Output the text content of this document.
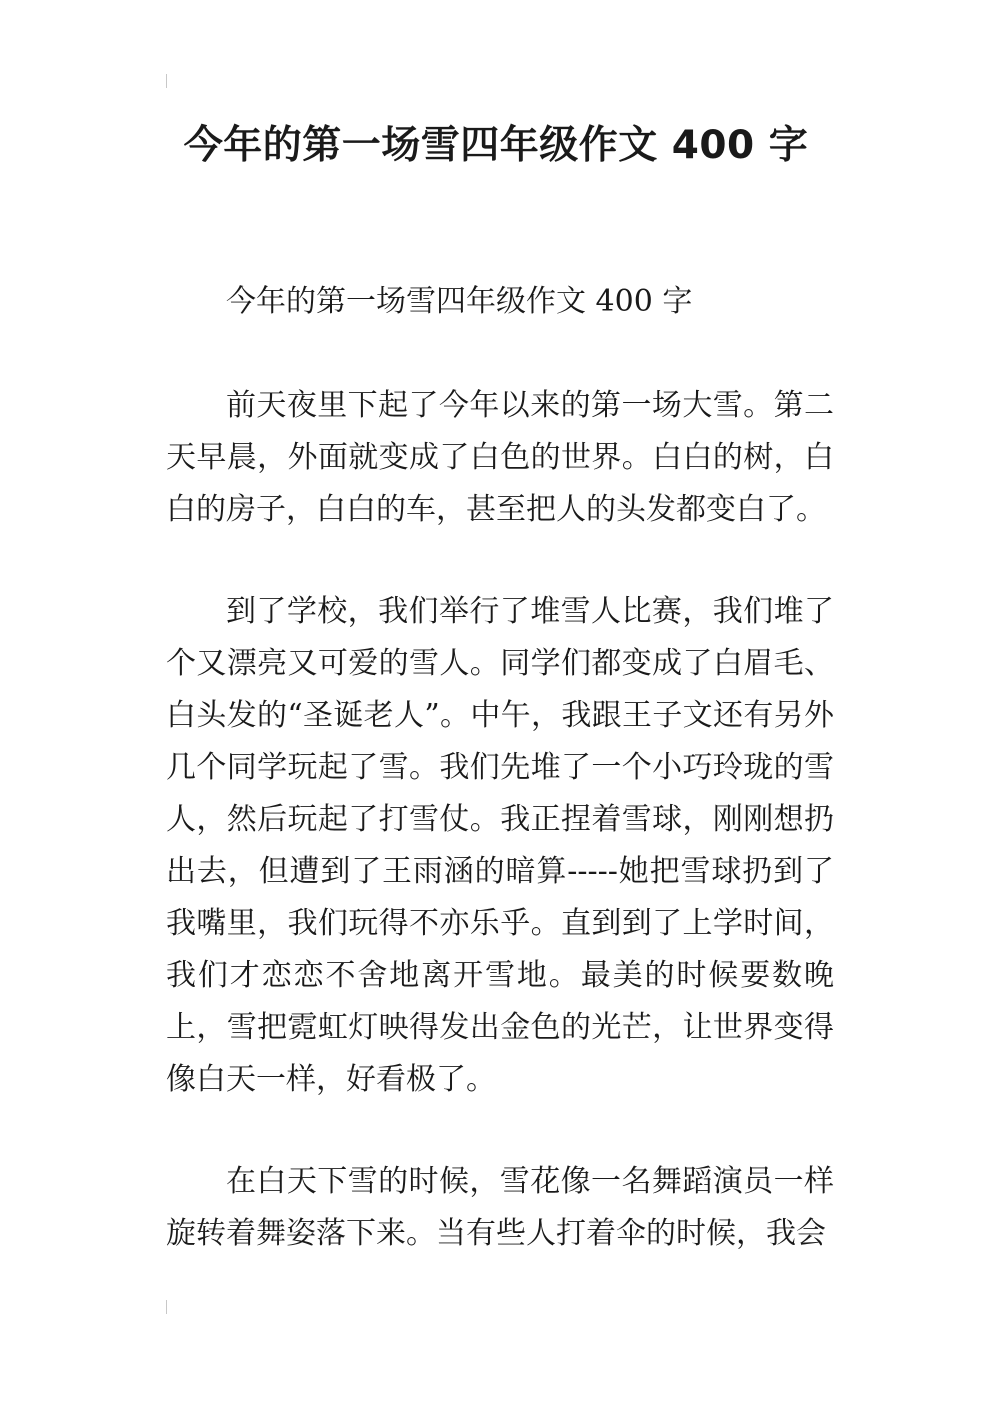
今年的第一场雪四年级作文 400 字

今年的第一场雪四年级作文 400 字

前天夜里下起了今年以来的第一场大雪。第二天早晨，外面就变成了白色的世界。白白的树，白白的房子，白白的车，甚至把人的头发都变白了。

到了学校，我们举行了堆雪人比赛，我们堆了个又漂亮又可爱的雪人。同学们都变成了白眉毛、白头发的“圣诞老人”。中午，我跟王子文还有另外几个同学玩起了雪。我们先堆了一个小巧玲珑的雪人，然后玩起了打雪仗。我正捏着雪球，刚刚想扔出去，但遭到了王雨涵的暗算-----她把雪球扔到了我嘴里，我们玩得不亦乐乎。直到到了上学时间，我们才恋恋不舍地离开雪地。最美的时候要数晚上，雪把霓虹灯映得发出金色的光芒，让世界变得像白天一样，好看极了。

在白天下雪的时候，雪花像一名舞蹈演员一样旋转着舞姿落下来。当有些人打着伞的时候，我会
